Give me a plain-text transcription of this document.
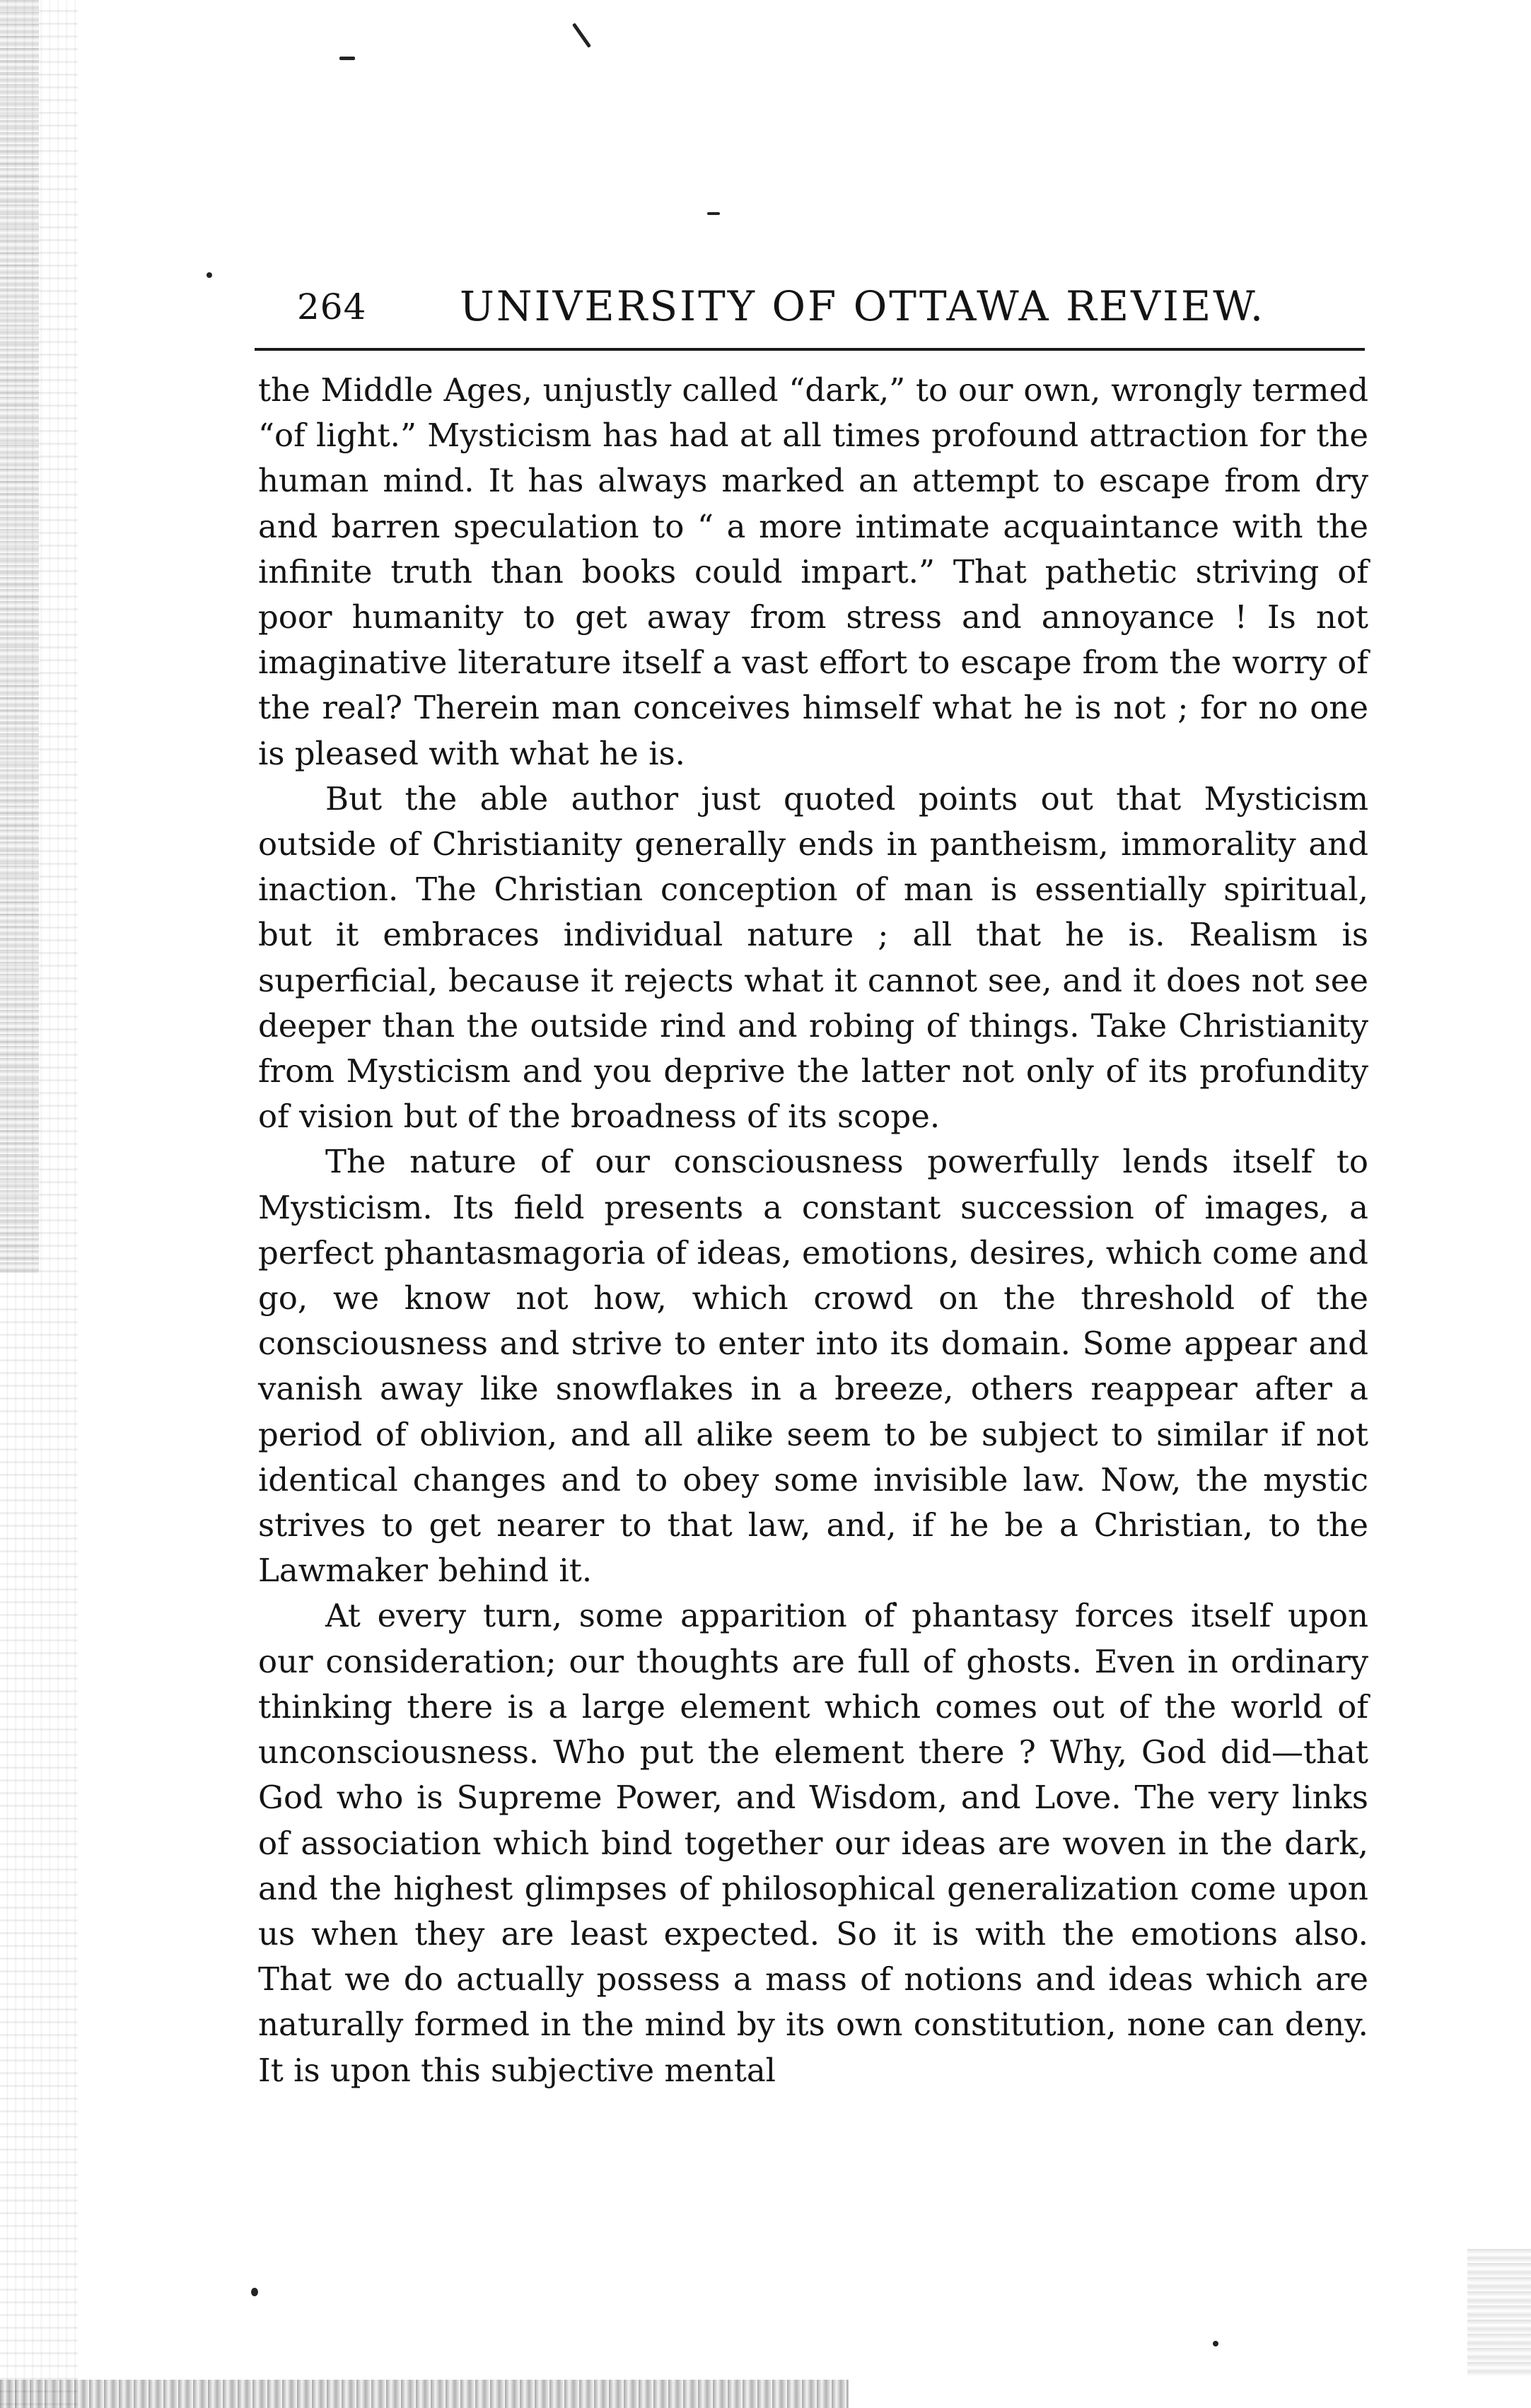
264 UNIVERSITY OF OTTAWA REVIEW.

the Middle Ages, unjustly called “dark,” to our own, wrongly termed “of light.” Mysticism has had at all times profound attraction for the human mind. It has always marked an attempt to escape from dry and barren speculation to “ a more intimate acquaintance with the infinite truth than books could impart.” That pathetic striving of poor humanity to get away from stress and annoyance ! Is not imaginative literature itself a vast effort to escape from the worry of the real? Therein man conceives himself what he is not ; for no one is pleased with what he is.

But the able author just quoted points out that Mysticism outside of Christianity generally ends in pantheism, immorality and inaction. The Christian conception of man is essentially spiritual, but it embraces individual nature ; all that he is. Realism is superficial, because it rejects what it cannot see, and it does not see deeper than the outside rind and robing of things. Take Christianity from Mysticism and you deprive the latter not only of its profundity of vision but of the broadness of its scope.

The nature of our consciousness powerfully lends itself to Mysticism. Its field presents a constant succession of images, a perfect phantasmagoria of ideas, emotions, desires, which come and go, we know not how, which crowd on the threshold of the consciousness and strive to enter into its domain. Some appear and vanish away like snowflakes in a breeze, others reappear after a period of oblivion, and all alike seem to be subject to similar if not identical changes and to obey some invisible law. Now, the mystic strives to get nearer to that law, and, if he be a Christian, to the Lawmaker behind it.

At every turn, some apparition of phantasy forces itself upon our consideration; our thoughts are full of ghosts. Even in ordinary thinking there is a large element which comes out of the world of unconsciousness. Who put the element there ? Why, God did—that God who is Supreme Power, and Wisdom, and Love. The very links of association which bind together our ideas are woven in the dark, and the highest glimpses of philosophical generalization come upon us when they are least expected. So it is with the emotions also. That we do actually possess a mass of notions and ideas which are naturally formed in the mind by its own constitution, none can deny. It is upon this subjective mental
